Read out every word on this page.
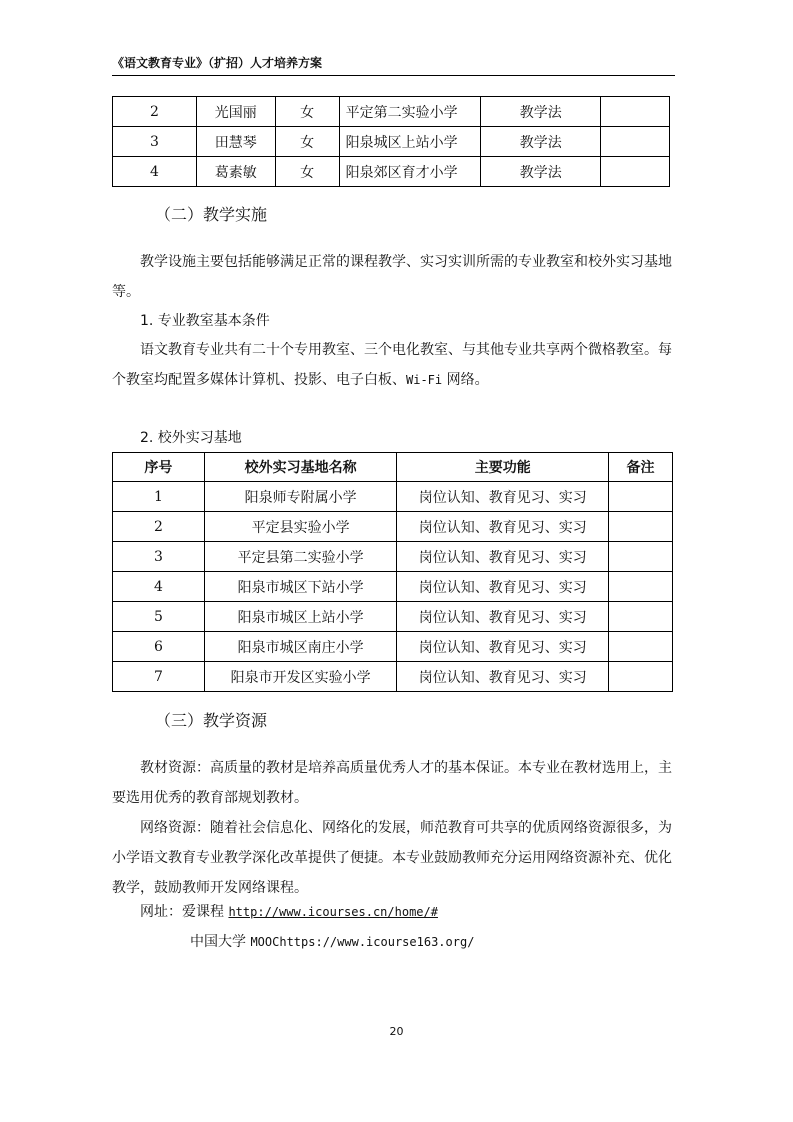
《语文教育专业》（扩招）人才培养方案
2	光国丽	女	平定第二实验小学	教学法	
3	田慧琴	女	阳泉城区上站小学	教学法	
4	葛素敏	女	阳泉郊区育才小学	教学法	
（二）教学实施

教学设施主要包括能够满足正常的课程教学、实习实训所需的专业教室和校外实习基地等。

1. 专业教室基本条件

语文教育专业共有二十个专用教室、三个电化教室、与其他专业共享两个微格教室。每个教室均配置多媒体计算机、投影、电子白板、Wi-Fi 网络。

2. 校外实习基地
序号	校外实习基地名称	主要功能	备注
1	阳泉师专附属小学	岗位认知、教育见习、实习	
2	平定县实验小学	岗位认知、教育见习、实习	
3	平定县第二实验小学	岗位认知、教育见习、实习	
4	阳泉市城区下站小学	岗位认知、教育见习、实习	
5	阳泉市城区上站小学	岗位认知、教育见习、实习	
6	阳泉市城区南庄小学	岗位认知、教育见习、实习	
7	阳泉市开发区实验小学	岗位认知、教育见习、实习	
（三）教学资源

教材资源：高质量的教材是培养高质量优秀人才的基本保证。本专业在教材选用上，主要选用优秀的教育部规划教材。

网络资源：随着社会信息化、网络化的发展，师范教育可共享的优质网络资源很多，为小学语文教育专业教学深化改革提供了便捷。本专业鼓励教师充分运用网络资源补充、优化教学，鼓励教师开发网络课程。

网址：爱课程 http://www.icourses.cn/home/#
中国大学 MOOChttps://www.icourse163.org/
20
